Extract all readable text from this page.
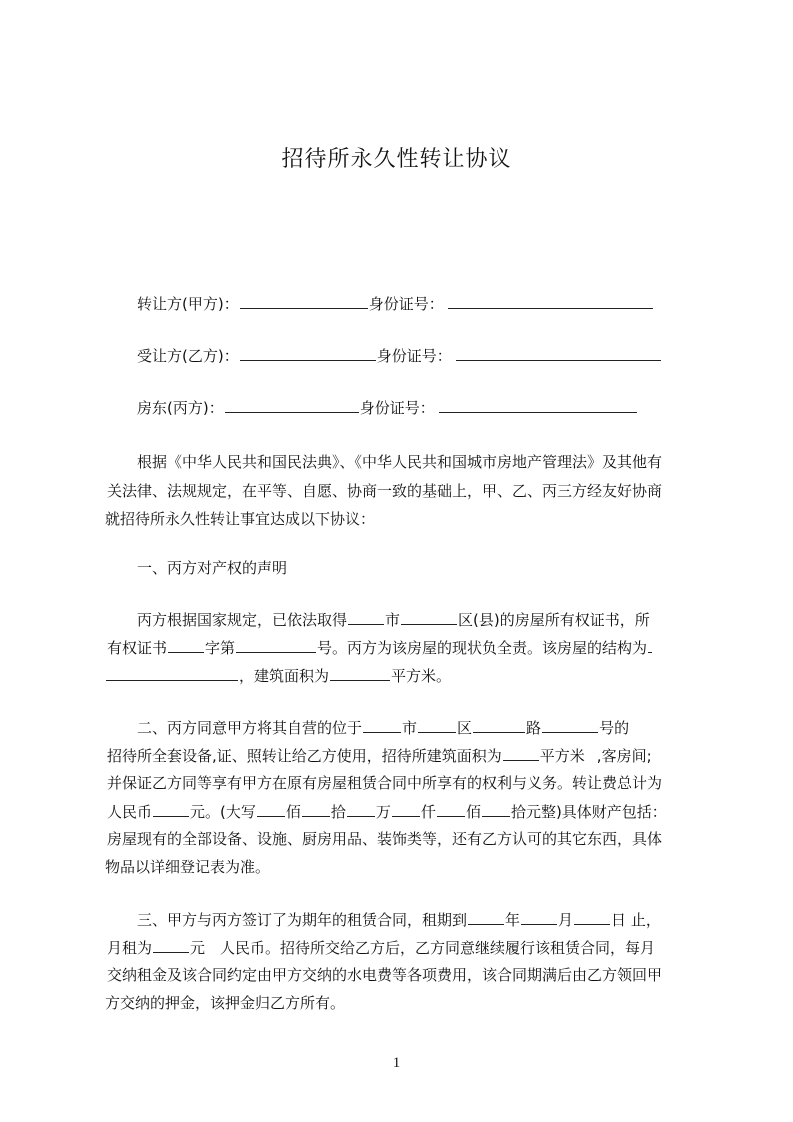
招待所永久性转让协议
转让方(甲方)：	身份证号：
受让方(乙方)：	身份证号：
房东(丙方)：	身份证号：
根据《中华人民共和国民法典》、《中华人民共和国城市房地产管理法》及其他有
关法律、法规规定，在平等、自愿、协商一致的基础上，甲、乙、丙三方经友好协商
就招待所永久性转让事宜达成以下协议：
一、丙方对产权的声明
丙方根据国家规定，已依法取得	市	区(县)的房屋所有权证书，所
有权证书	字第	号。丙方为该房屋的现状负全责。该房屋的结构为
，建筑面积为	平方米。
二、丙方同意甲方将其自营的位于	市	区	路	号的
招待所全套设备,证、照转让给乙方使用，招待所建筑面积为	平方米 ,客房间;
并保证乙方同等享有甲方在原有房屋租赁合同中所享有的权利与义务。转让费总计为
人民币	元。(大写 佰 拾 万 仟 佰 拾元整)具体财产包括：
房屋现有的全部设备、设施、厨房用品、装饰类等，还有乙方认可的其它东西，具体
物品以详细登记表为准。
三、甲方与丙方签订了为期年的租赁合同，租期到	年	月	日 止，
月租为	元　人民币。招待所交给乙方后，乙方同意继续履行该租赁合同，每月
交纳租金及该合同约定由甲方交纳的水电费等各项费用，该合同期满后由乙方领回甲
方交纳的押金，该押金归乙方所有。
1
